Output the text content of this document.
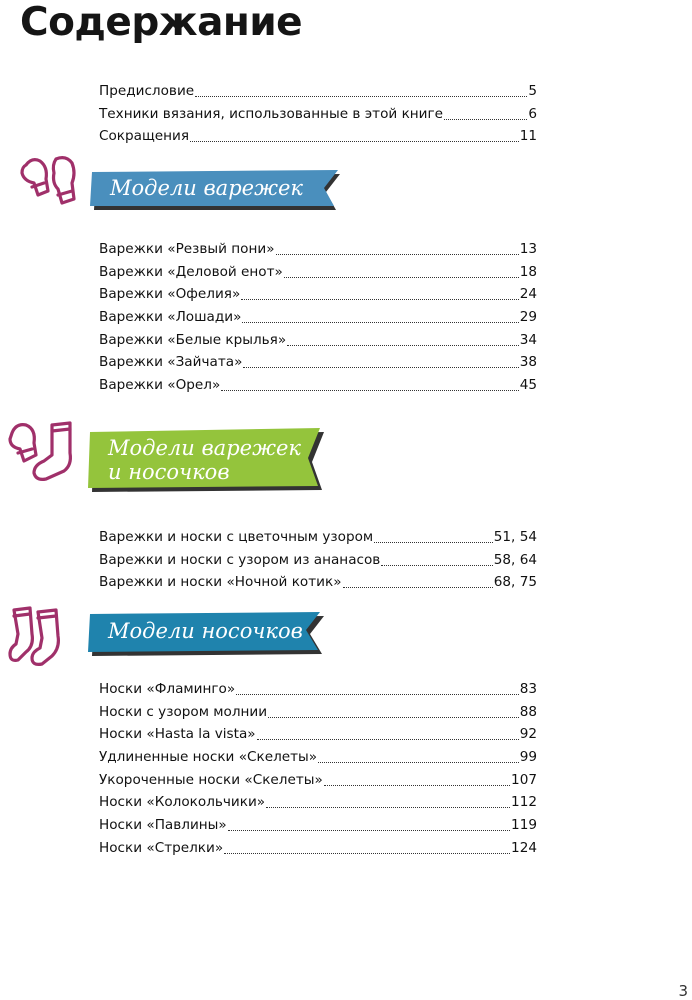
Содержание
Предисловие	5
Техники вязания, использованные в этой книге	6
Сокращения	11
Модели варежек
Варежки «Резвый пони»	13
Варежки «Деловой енот»	18
Варежки «Офелия»	24
Варежки «Лошади»	29
Варежки «Белые крылья»	34
Варежки «Зайчата»	38
Варежки «Орел»	45
Модели варежек
и носочков
Варежки и носки с цветочным узором	51, 54
Варежки и носки с узором из ананасов	58, 64
Варежки и носки «Ночной котик»	68, 75
Модели носочков
Носки «Фламинго»	83
Носки с узором молнии	88
Носки «Hasta la vista»	92
Удлиненные носки «Скелеты»	99
Укороченные носки «Скелеты»	107
Носки «Колокольчики»	112
Носки «Павлины»	119
Носки «Стрелки»	124
3
